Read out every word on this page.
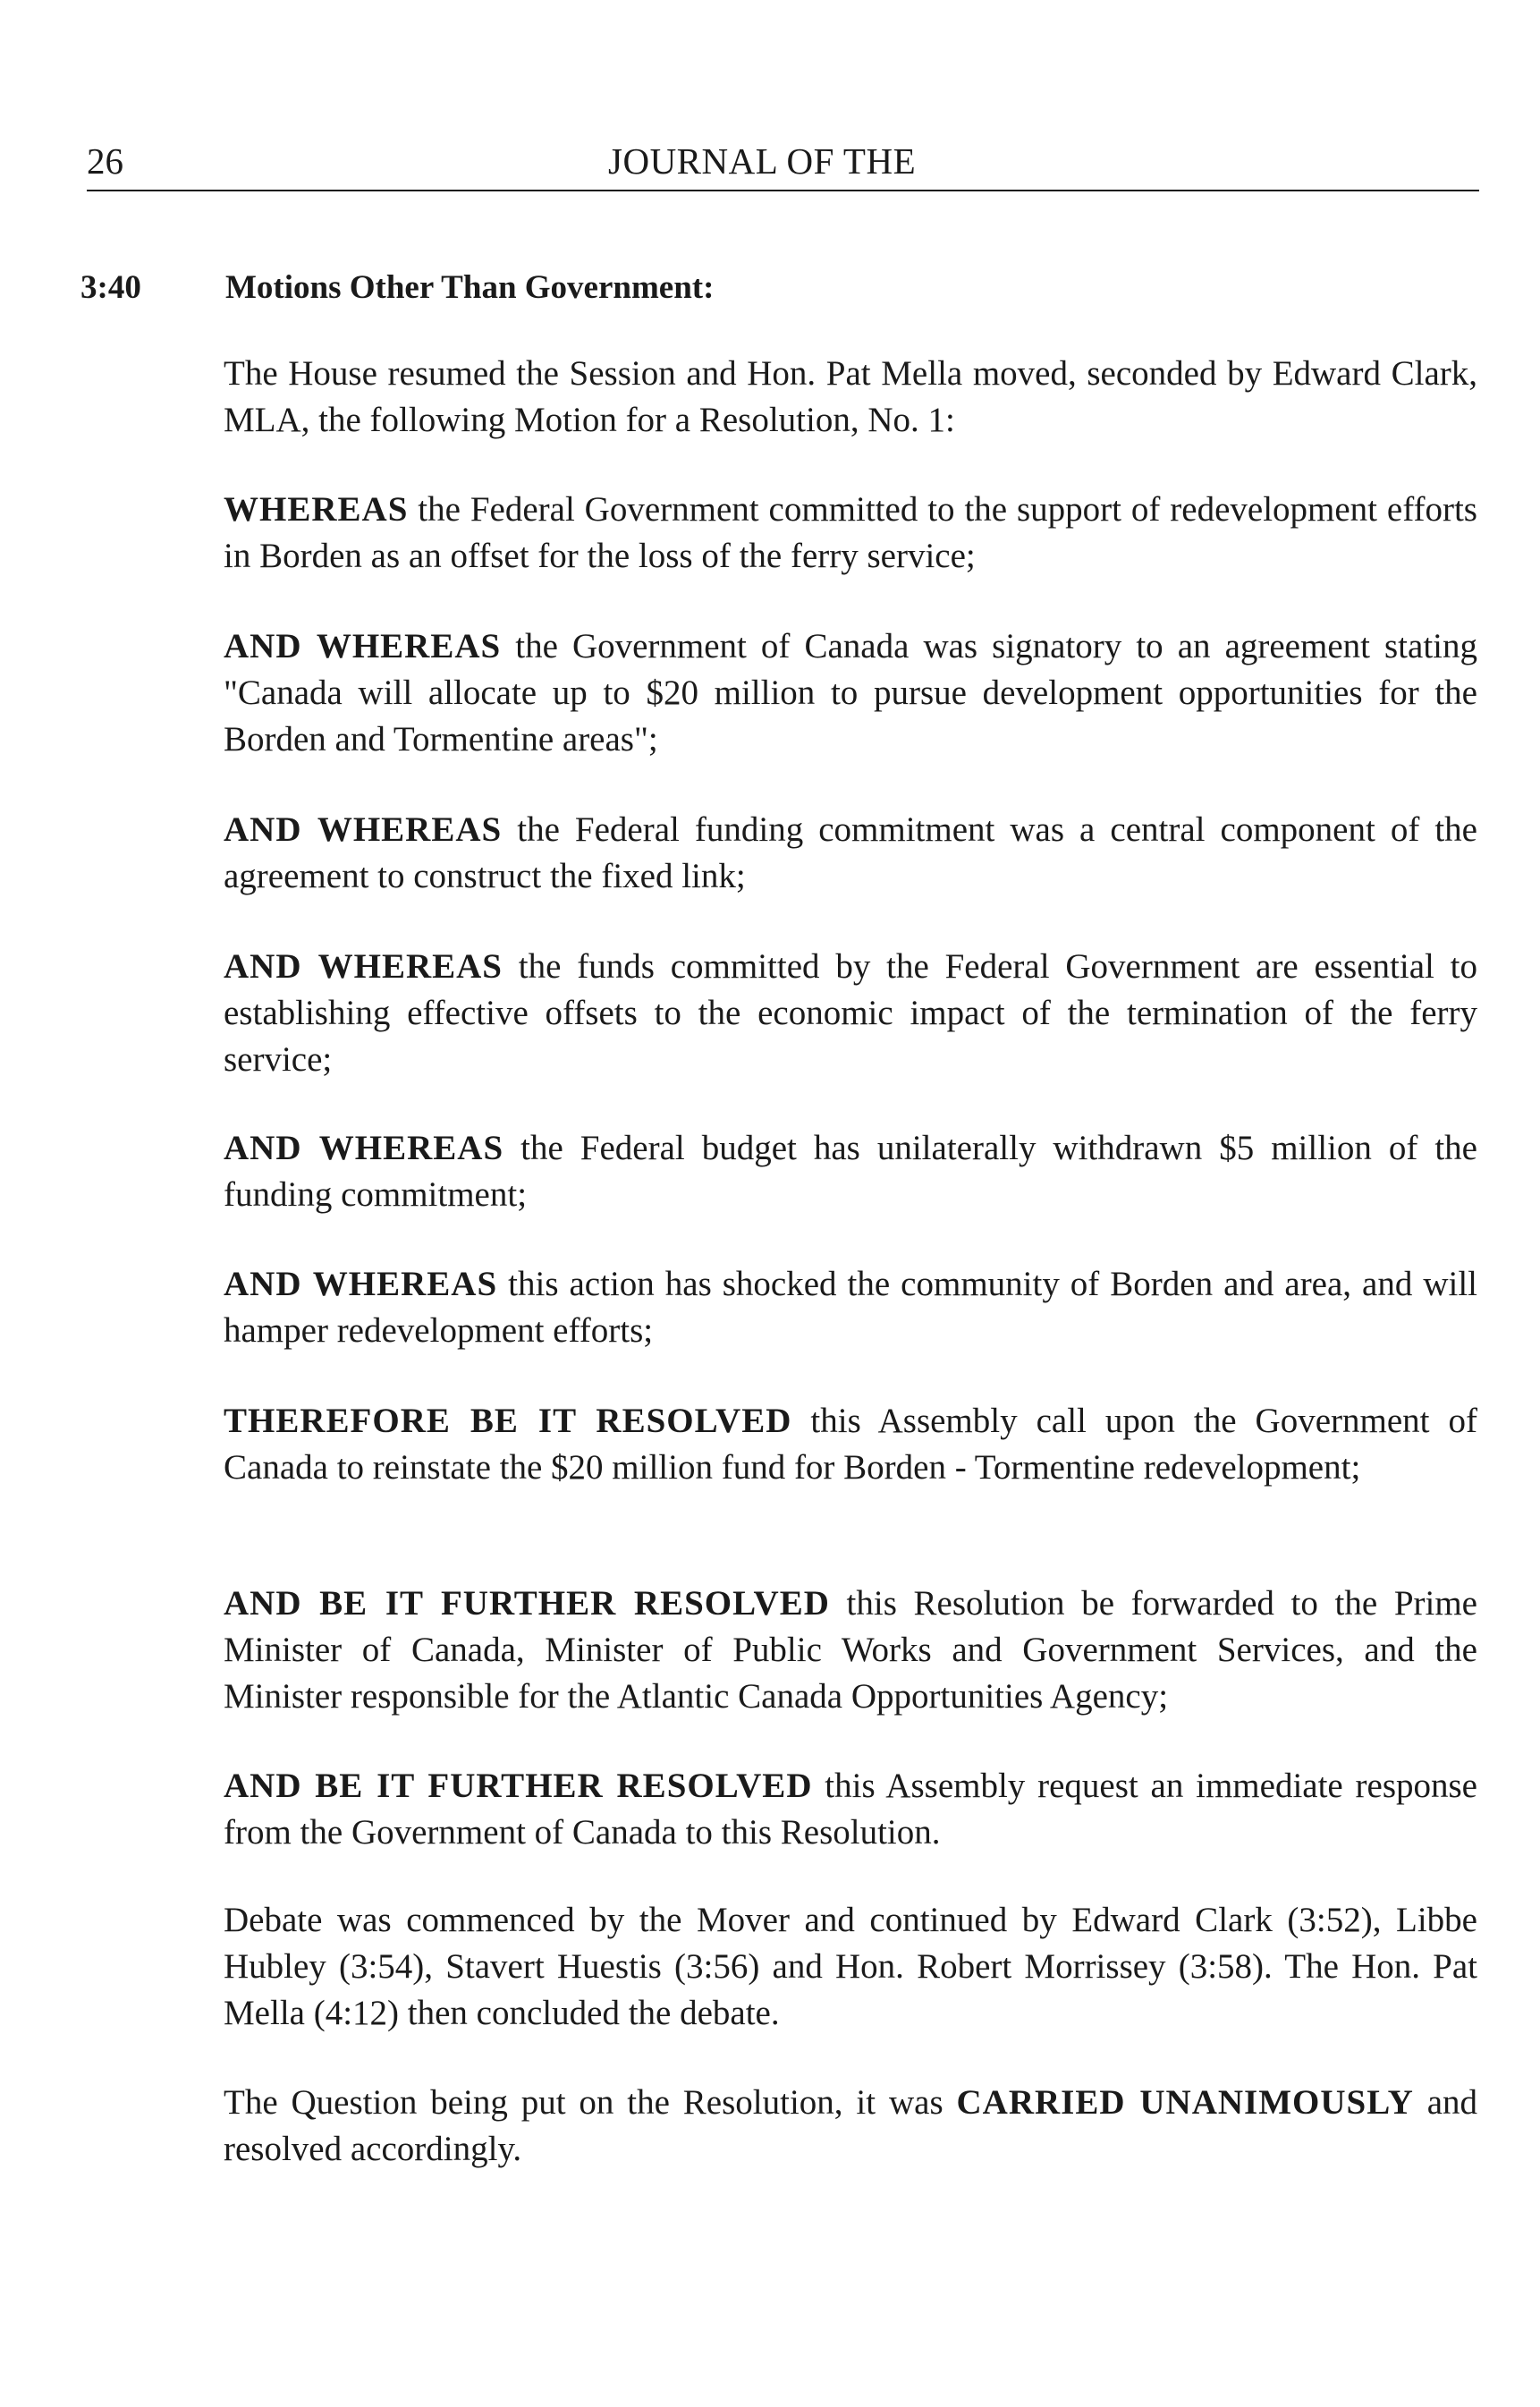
26	JOURNAL OF THE
3:40	Motions Other Than Government:

The House resumed the Session and Hon. Pat Mella moved, seconded by Edward Clark, MLA, the following Motion for a Resolution, No. 1:

WHEREAS the Federal Government committed to the support of redevelopment efforts in Borden as an offset for the loss of the ferry service;

AND WHEREAS the Government of Canada was signatory to an agreement stating "Canada will allocate up to $20 million to pursue development opportunities for the Borden and Tormentine areas";

AND WHEREAS the Federal funding commitment was a central component of the agreement to construct the fixed link;

AND WHEREAS the funds committed by the Federal Government are essential to establishing effective offsets to the economic impact of the termination of the ferry service;

AND WHEREAS the Federal budget has unilaterally withdrawn $5 million of the funding commitment;

AND WHEREAS this action has shocked the community of Borden and area, and will hamper redevelopment efforts;

THEREFORE BE IT RESOLVED this Assembly call upon the Government of Canada to reinstate the $20 million fund for Borden - Tormentine redevelopment;

AND BE IT FURTHER RESOLVED this Resolution be forwarded to the Prime Minister of Canada, Minister of Public Works and Government Services, and the Minister responsible for the Atlantic Canada Opportunities Agency;

AND BE IT FURTHER RESOLVED this Assembly request an immediate response from the Government of Canada to this Resolution.

Debate was commenced by the Mover and continued by Edward Clark (3:52), Libbe Hubley (3:54), Stavert Huestis (3:56) and Hon. Robert Morrissey (3:58). The Hon. Pat Mella (4:12) then concluded the debate.

The Question being put on the Resolution, it was CARRIED UNANIMOUSLY and resolved accordingly.
